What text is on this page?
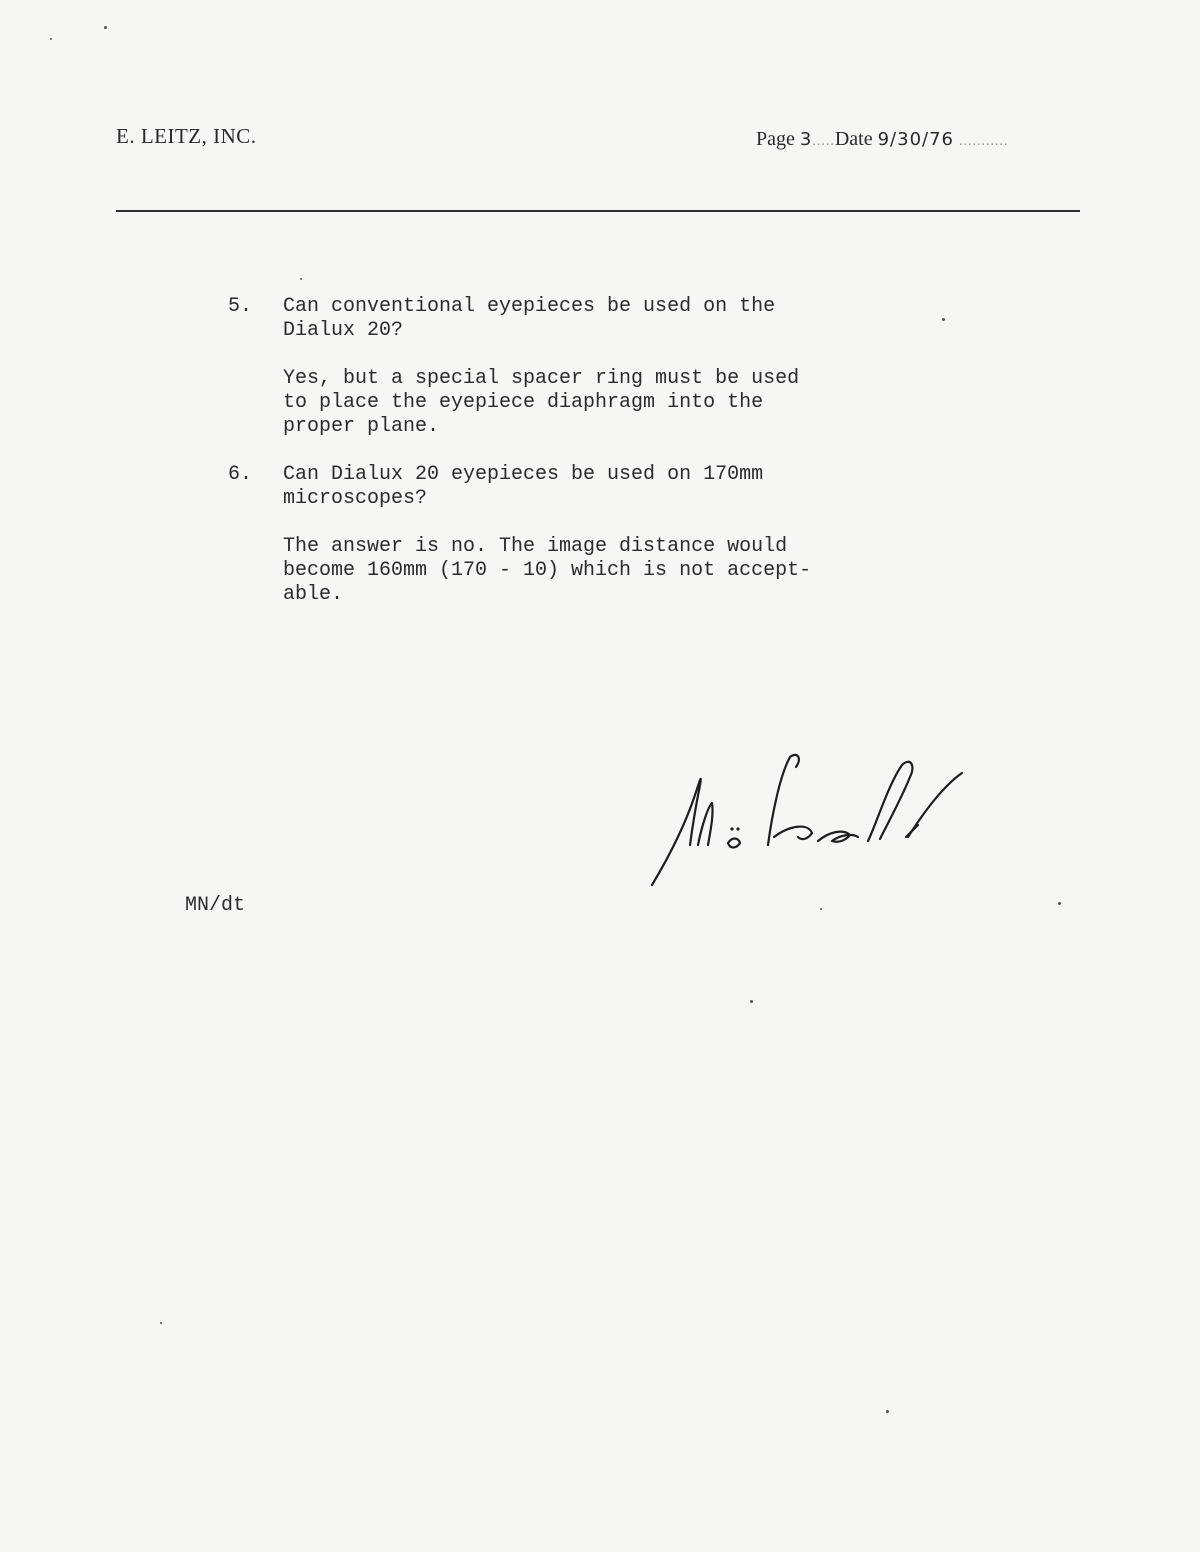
E. LEITZ, INC.	Page 3.....Date 9/30/76 ...........
5. Can conventional eyepieces be used on the
Dialux 20?

Yes, but a special spacer ring must be used
to place the eyepiece diaphragm into the
proper plane.

6. Can Dialux 20 eyepieces be used on 170mm
microscopes?

The answer is no. The image distance would
become 160mm (170 - 10) which is not accept-
able.

MN/dt
